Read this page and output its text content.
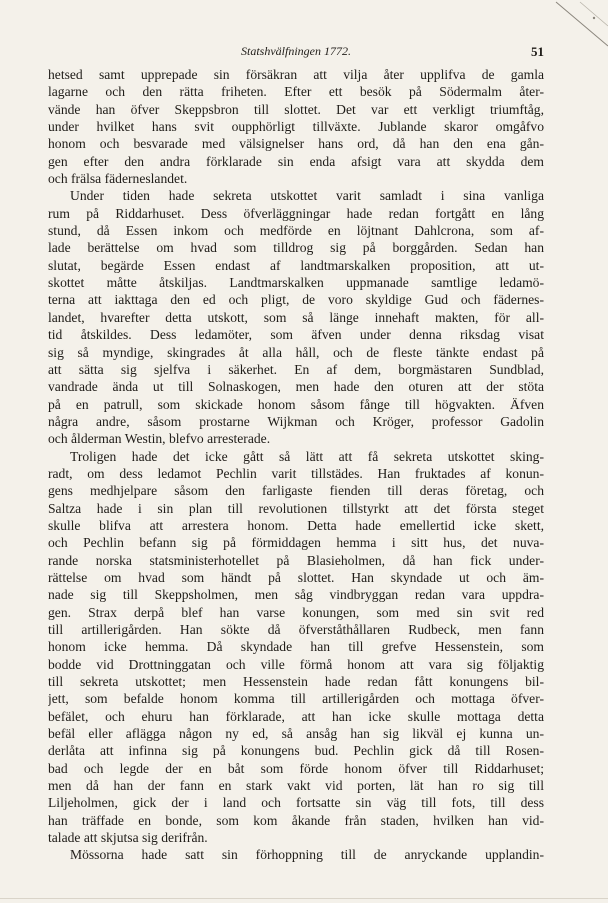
Statshvälfningen 1772.	51
hetsed samt upprepade sin försäkran att vilja åter upplifva de gamla
lagarne och den rätta friheten. Efter ett besök på Södermalm åter-
vände han öfver Skeppsbron till slottet. Det var ett verkligt triumftåg,
under hvilket hans svit oupphörligt tillväxte. Jublande skaror omgåfvo
honom och besvarade med välsignelser hans ord, då han den ena gån-
gen efter den andra förklarade sin enda afsigt vara att skydda dem
och frälsa fäderneslandet.
Under tiden hade sekreta utskottet varit samladt i sina vanliga
rum på Riddarhuset. Dess öfverläggningar hade redan fortgått en lång
stund, då Essen inkom och medförde en löjtnant Dahlcrona, som af-
lade berättelse om hvad som tilldrog sig på borggården. Sedan han
slutat, begärde Essen endast af landtmarskalken proposition, att ut-
skottet måtte åtskiljas. Landtmarskalken uppmanade samtlige ledamö-
terna att iakttaga den ed och pligt, de voro skyldige Gud och fädernes-
landet, hvarefter detta utskott, som så länge innehaft makten, för all-
tid åtskildes. Dess ledamöter, som äfven under denna riksdag visat
sig så myndige, skingrades åt alla håll, och de fleste tänkte endast på
att sätta sig sjelfva i säkerhet. En af dem, borgmästaren Sundblad,
vandrade ända ut till Solnaskogen, men hade den oturen att der stöta
på en patrull, som skickade honom såsom fånge till högvakten. Äfven
några andre, såsom prostarne Wijkman och Kröger, professor Gadolin
och ålderman Westin, blefvo arresterade.
Troligen hade det icke gått så lätt att få sekreta utskottet sking-
radt, om dess ledamot Pechlin varit tillstädes. Han fruktades af konun-
gens medhjelpare såsom den farligaste fienden till deras företag, och
Saltza hade i sin plan till revolutionen tillstyrkt att det första steget
skulle blifva att arrestera honom. Detta hade emellertid icke skett,
och Pechlin befann sig på förmiddagen hemma i sitt hus, det nuva-
rande norska statsministerhotellet på Blasieholmen, då han fick under-
rättelse om hvad som händt på slottet. Han skyndade ut och äm-
nade sig till Skeppsholmen, men såg vindbryggan redan vara uppdra-
gen. Strax derpå blef han varse konungen, som med sin svit red
till artillerigården. Han sökte då öfverståthållaren Rudbeck, men fann
honom icke hemma. Då skyndade han till grefve Hessenstein, som
bodde vid Drottninggatan och ville förmå honom att vara sig följaktig
till sekreta utskottet; men Hessenstein hade redan fått konungens bil-
jett, som befalde honom komma till artillerigården och mottaga öfver-
befälet, och ehuru han förklarade, att han icke skulle mottaga detta
befäl eller aflägga någon ny ed, så ansåg han sig likväl ej kunna un-
derlåta att infinna sig på konungens bud. Pechlin gick då till Rosen-
bad och legde der en båt som förde honom öfver till Riddarhuset;
men då han der fann en stark vakt vid porten, lät han ro sig till
Liljeholmen, gick der i land och fortsatte sin väg till fots, till dess
han träffade en bonde, som kom åkande från staden, hvilken han vid-
talade att skjutsa sig derifrån.
Mössorna hade satt sin förhoppning till de anryckande upplandin-
